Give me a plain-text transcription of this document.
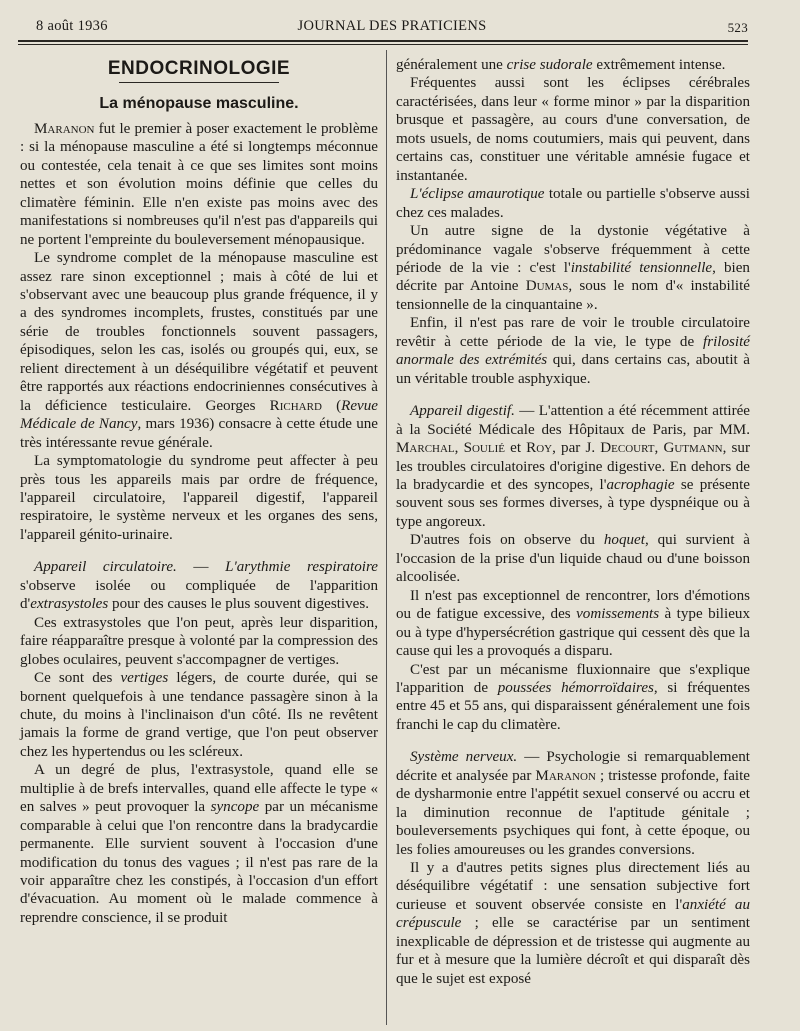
8 août 1936	JOURNAL DES PRATICIENS	523
ENDOCRINOLOGIE
La ménopause masculine.

Maranon fut le premier à poser exactement le problème : si la ménopause masculine a été si longtemps méconnue ou contestée, cela tenait à ce que ses limites sont moins nettes et son évolution moins définie que celles du climatère féminin. Elle n'en existe pas moins avec des manifestations si nombreuses qu'il n'est pas d'appareils qui ne portent l'empreinte du bouleversement ménopausique.

Le syndrome complet de la ménopause masculine est assez rare sinon exceptionnel ; mais à côté de lui et s'observant avec une beaucoup plus grande fréquence, il y a des syndromes incomplets, frustes, constitués par une série de troubles fonctionnels souvent passagers, épisodiques, selon les cas, isolés ou groupés qui, eux, se relient directement à un déséquilibre végétatif et peuvent être rapportés aux réactions endocriniennes consécutives à la déficience testiculaire. Georges Richard (Revue Médicale de Nancy, mars 1936) consacre à cette étude une très intéressante revue générale.

La symptomatologie du syndrome peut affecter à peu près tous les appareils mais par ordre de fréquence, l'appareil circulatoire, l'appareil digestif, l'appareil respiratoire, le système nerveux et les organes des sens, l'appareil génito-urinaire.

Appareil circulatoire. — L'arythmie respiratoire s'observe isolée ou compliquée de l'apparition d'extrasystoles pour des causes le plus souvent digestives.

Ces extrasystoles que l'on peut, après leur disparition, faire réapparaître presque à volonté par la compression des globes oculaires, peuvent s'accompagner de vertiges.

Ce sont des vertiges légers, de courte durée, qui se bornent quelquefois à une tendance passagère sinon à la chute, du moins à l'inclinaison d'un côté. Ils ne revêtent jamais la forme de grand vertige, que l'on peut observer chez les hypertendus ou les scléreux.

A un degré de plus, l'extrasystole, quand elle se multiplie à de brefs intervalles, quand elle affecte le type « en salves » peut provoquer la syncope par un mécanisme comparable à celui que l'on rencontre dans la bradycardie permanente. Elle survient souvent à l'occasion d'une modification du tonus des vagues ; il n'est pas rare de la voir apparaître chez les constipés, à l'occasion d'un effort d'évacuation. Au moment où le malade commence à reprendre conscience, il se produit

généralement une crise sudorale extrêmement intense.

Fréquentes aussi sont les éclipses cérébrales caractérisées, dans leur « forme minor » par la disparition brusque et passagère, au cours d'une conversation, de mots usuels, de noms coutumiers, mais qui peuvent, dans certains cas, constituer une véritable amnésie fugace et instantanée.

L'éclipse amaurotique totale ou partielle s'observe aussi chez ces malades.

Un autre signe de la dystonie végétative à prédominance vagale s'observe fréquemment à cette période de la vie : c'est l'instabilité tensionnelle, bien décrite par Antoine Dumas, sous le nom d'« instabilité tensionnelle de la cinquantaine ».

Enfin, il n'est pas rare de voir le trouble circulatoire revêtir à cette période de la vie, le type de frilosité anormale des extrémités qui, dans certains cas, aboutit à un véritable trouble asphyxique.

Appareil digestif. — L'attention a été récemment attirée à la Société Médicale des Hôpitaux de Paris, par MM. Marchal, Soulié et Roy, par J. Decourt, Gutmann, sur les troubles circulatoires d'origine digestive. En dehors de la bradycardie et des syncopes, l'acrophagie se présente souvent sous ses formes diverses, à type dyspnéique ou à type angoreux.

D'autres fois on observe du hoquet, qui survient à l'occasion de la prise d'un liquide chaud ou d'une boisson alcoolisée.

Il n'est pas exceptionnel de rencontrer, lors d'émotions ou de fatigue excessive, des vomissements à type bilieux ou à type d'hypersécrétion gastrique qui cessent dès que la cause qui les a provoqués a disparu.

C'est par un mécanisme fluxionnaire que s'explique l'apparition de poussées hémorroïdaires, si fréquentes entre 45 et 55 ans, qui disparaissent généralement une fois franchi le cap du climatère.

Système nerveux. — Psychologie si remarquablement décrite et analysée par Maranon ; tristesse profonde, faite de dysharmonie entre l'appétit sexuel conservé ou accru et la diminution reconnue de l'aptitude génitale ; bouleversements psychiques qui font, à cette époque, ou les folies amoureuses ou les grandes conversions.

Il y a d'autres petits signes plus directement liés au déséquilibre végétatif : une sensation subjective fort curieuse et souvent observée consiste en l'anxiété au crépuscule ; elle se caractérise par un sentiment inexplicable de dépression et de tristesse qui augmente au fur et à mesure que la lumière décroît et qui disparaît dès que le sujet est exposé
